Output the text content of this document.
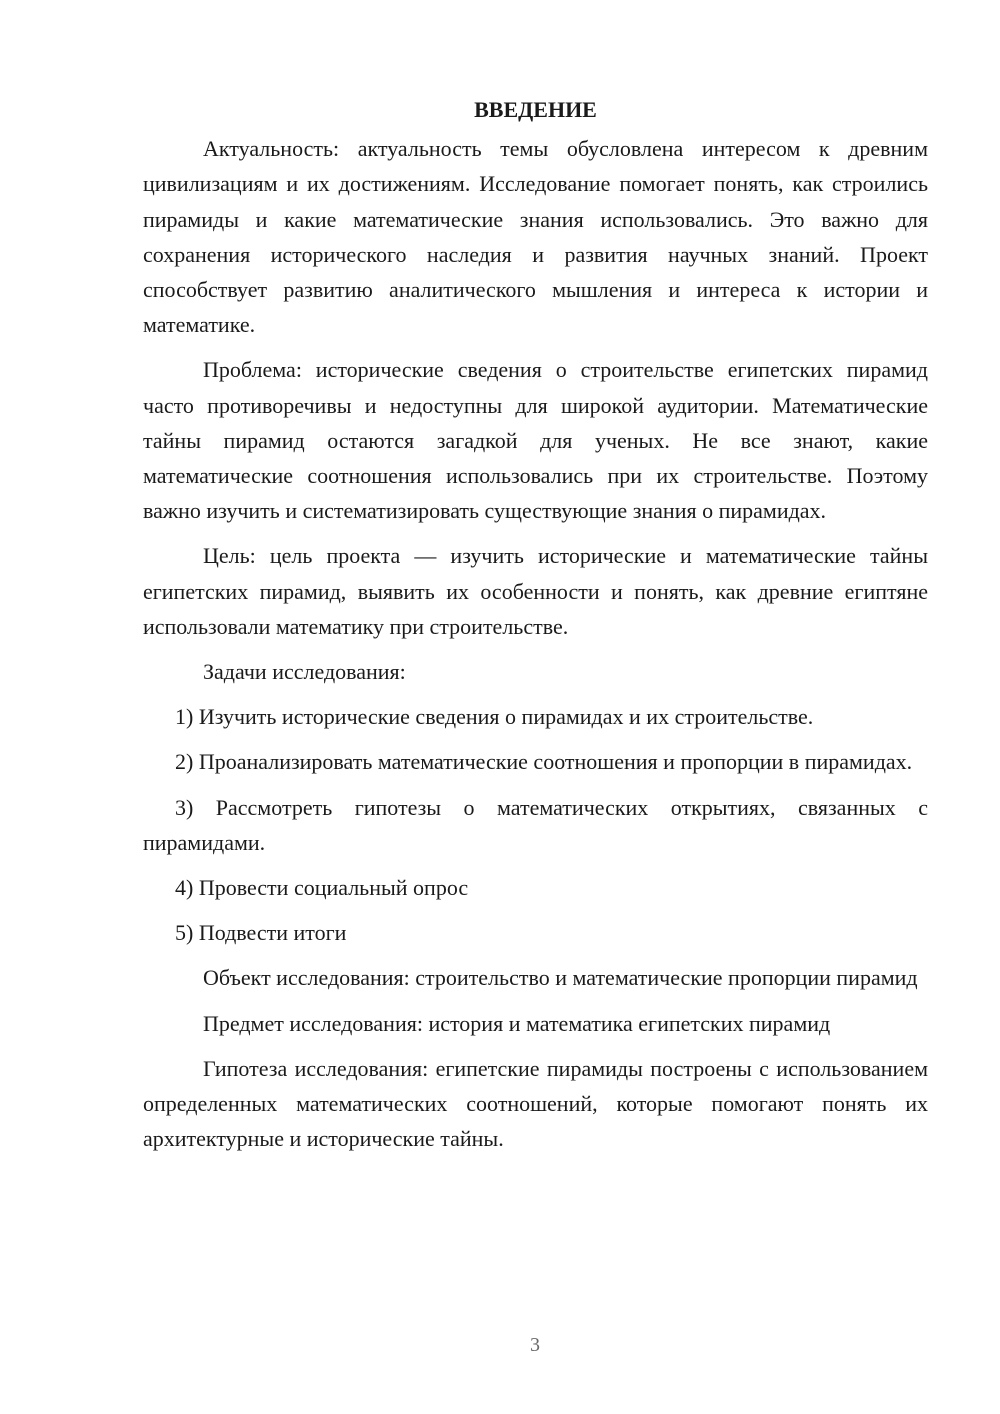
ВВЕДЕНИЕ

Актуальность: актуальность темы обусловлена интересом к древним цивилизациям и их достижениям. Исследование помогает понять, как строились пирамиды и какие математические знания использовались. Это важно для сохранения исторического наследия и развития научных знаний. Проект способствует развитию аналитического мышления и интереса к истории и математике.

Проблема: исторические сведения о строительстве египетских пирамид часто противоречивы и недоступны для широкой аудитории. Математические тайны пирамид остаются загадкой для ученых. Не все знают, какие математические соотношения использовались при их строительстве. Поэтому важно изучить и систематизировать существующие знания о пирамидах.

Цель: цель проекта — изучить исторические и математические тайны египетских пирамид, выявить их особенности и понять, как древние египтяне использовали математику при строительстве.

Задачи исследования:

1) Изучить исторические сведения о пирамидах и их строительстве.

2) Проанализировать математические соотношения и пропорции в пирамидах.

3) Рассмотреть гипотезы о математических открытиях, связанных с пирамидами.

4) Провести социальный опрос

5) Подвести итоги

Объект исследования: строительство и математические пропорции пирамид

Предмет исследования: история и математика египетских пирамид

Гипотеза исследования: египетские пирамиды построены с использованием определенных математических соотношений, которые помогают понять их архитектурные и исторические тайны.

3
